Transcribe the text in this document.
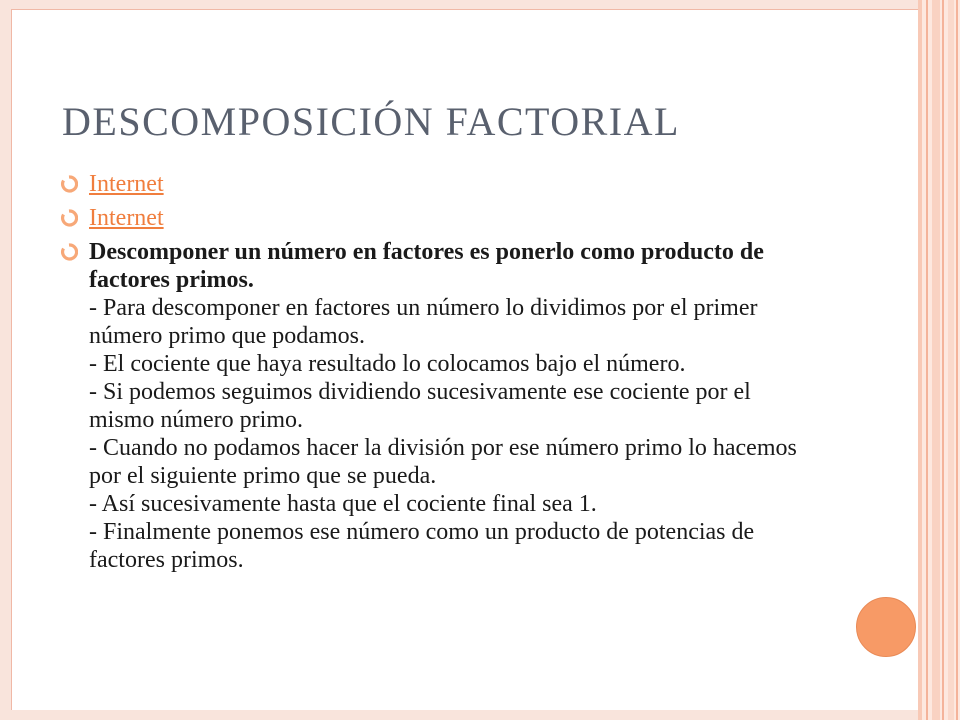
DESCOMPOSICIÓN FACTORIAL
Internet
Internet
Descomponer un número en factores es ponerlo como producto de factores primos.
- Para descomponer en factores un número lo dividimos por el primer número primo que podamos.
- El cociente que haya resultado lo colocamos bajo el número.
- Si podemos seguimos dividiendo sucesivamente ese cociente por el mismo número primo.
- Cuando no podamos hacer la división por ese número primo lo hacemos por el siguiente primo que se pueda.
- Así sucesivamente hasta que el cociente final sea 1.
- Finalmente ponemos ese número como un producto de potencias de factores primos.
